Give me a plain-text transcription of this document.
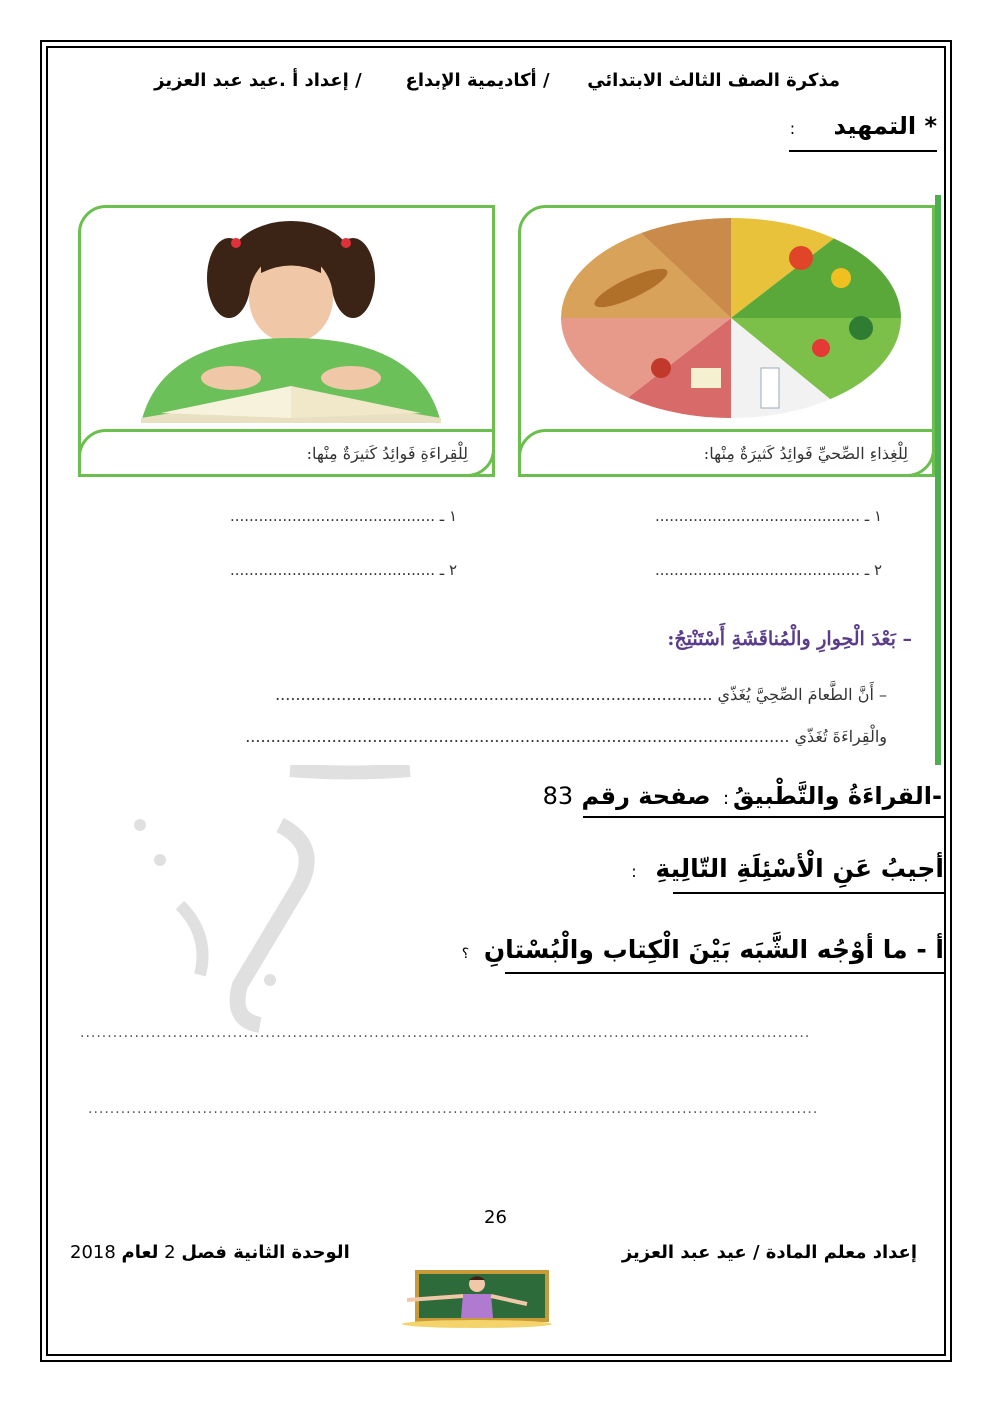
مذكرة الصف الثالث الابتدائي      / أكاديمية الإبداع       / إعداد أ .عيد عبد العزيز
* التمهيد :
لِلْغِذاءِ الصِّحيِّ فَوائِدُ كَثيرَةٌ مِنْها:
لِلْقِراءَةِ فَوائِدُ كَثيرَةٌ مِنْها:
١ ـ ...........................................
٢ ـ ...........................................
١ ـ ...........................................
٢ ـ ...........................................
– بَعْدَ الْحِوارِ والْمُناقَشَةِ أَسْتَنْتِجُ:
– أَنَّ الطَّعامَ الصِّحِيَّ يُغَذّي ......................................................................................
والْقِراءَةَ تُغَذّي ...........................................................................................................
-القراءَةُ والتَّطْبيقُ: صفحة رقم 83
أجيبُ عَنِ الْأسْئِلَةِ التّالِيةِ :
أ - ما أوْجُه الشَّبَه بَيْنَ الْكِتاب والْبُسْتانِ ؟
......................................................................................................................................
......................................................................................................................................
26
إعداد معلم المادة / عيد عبد العزيز
الوحدة الثانية فصل 2 لعام 2018
